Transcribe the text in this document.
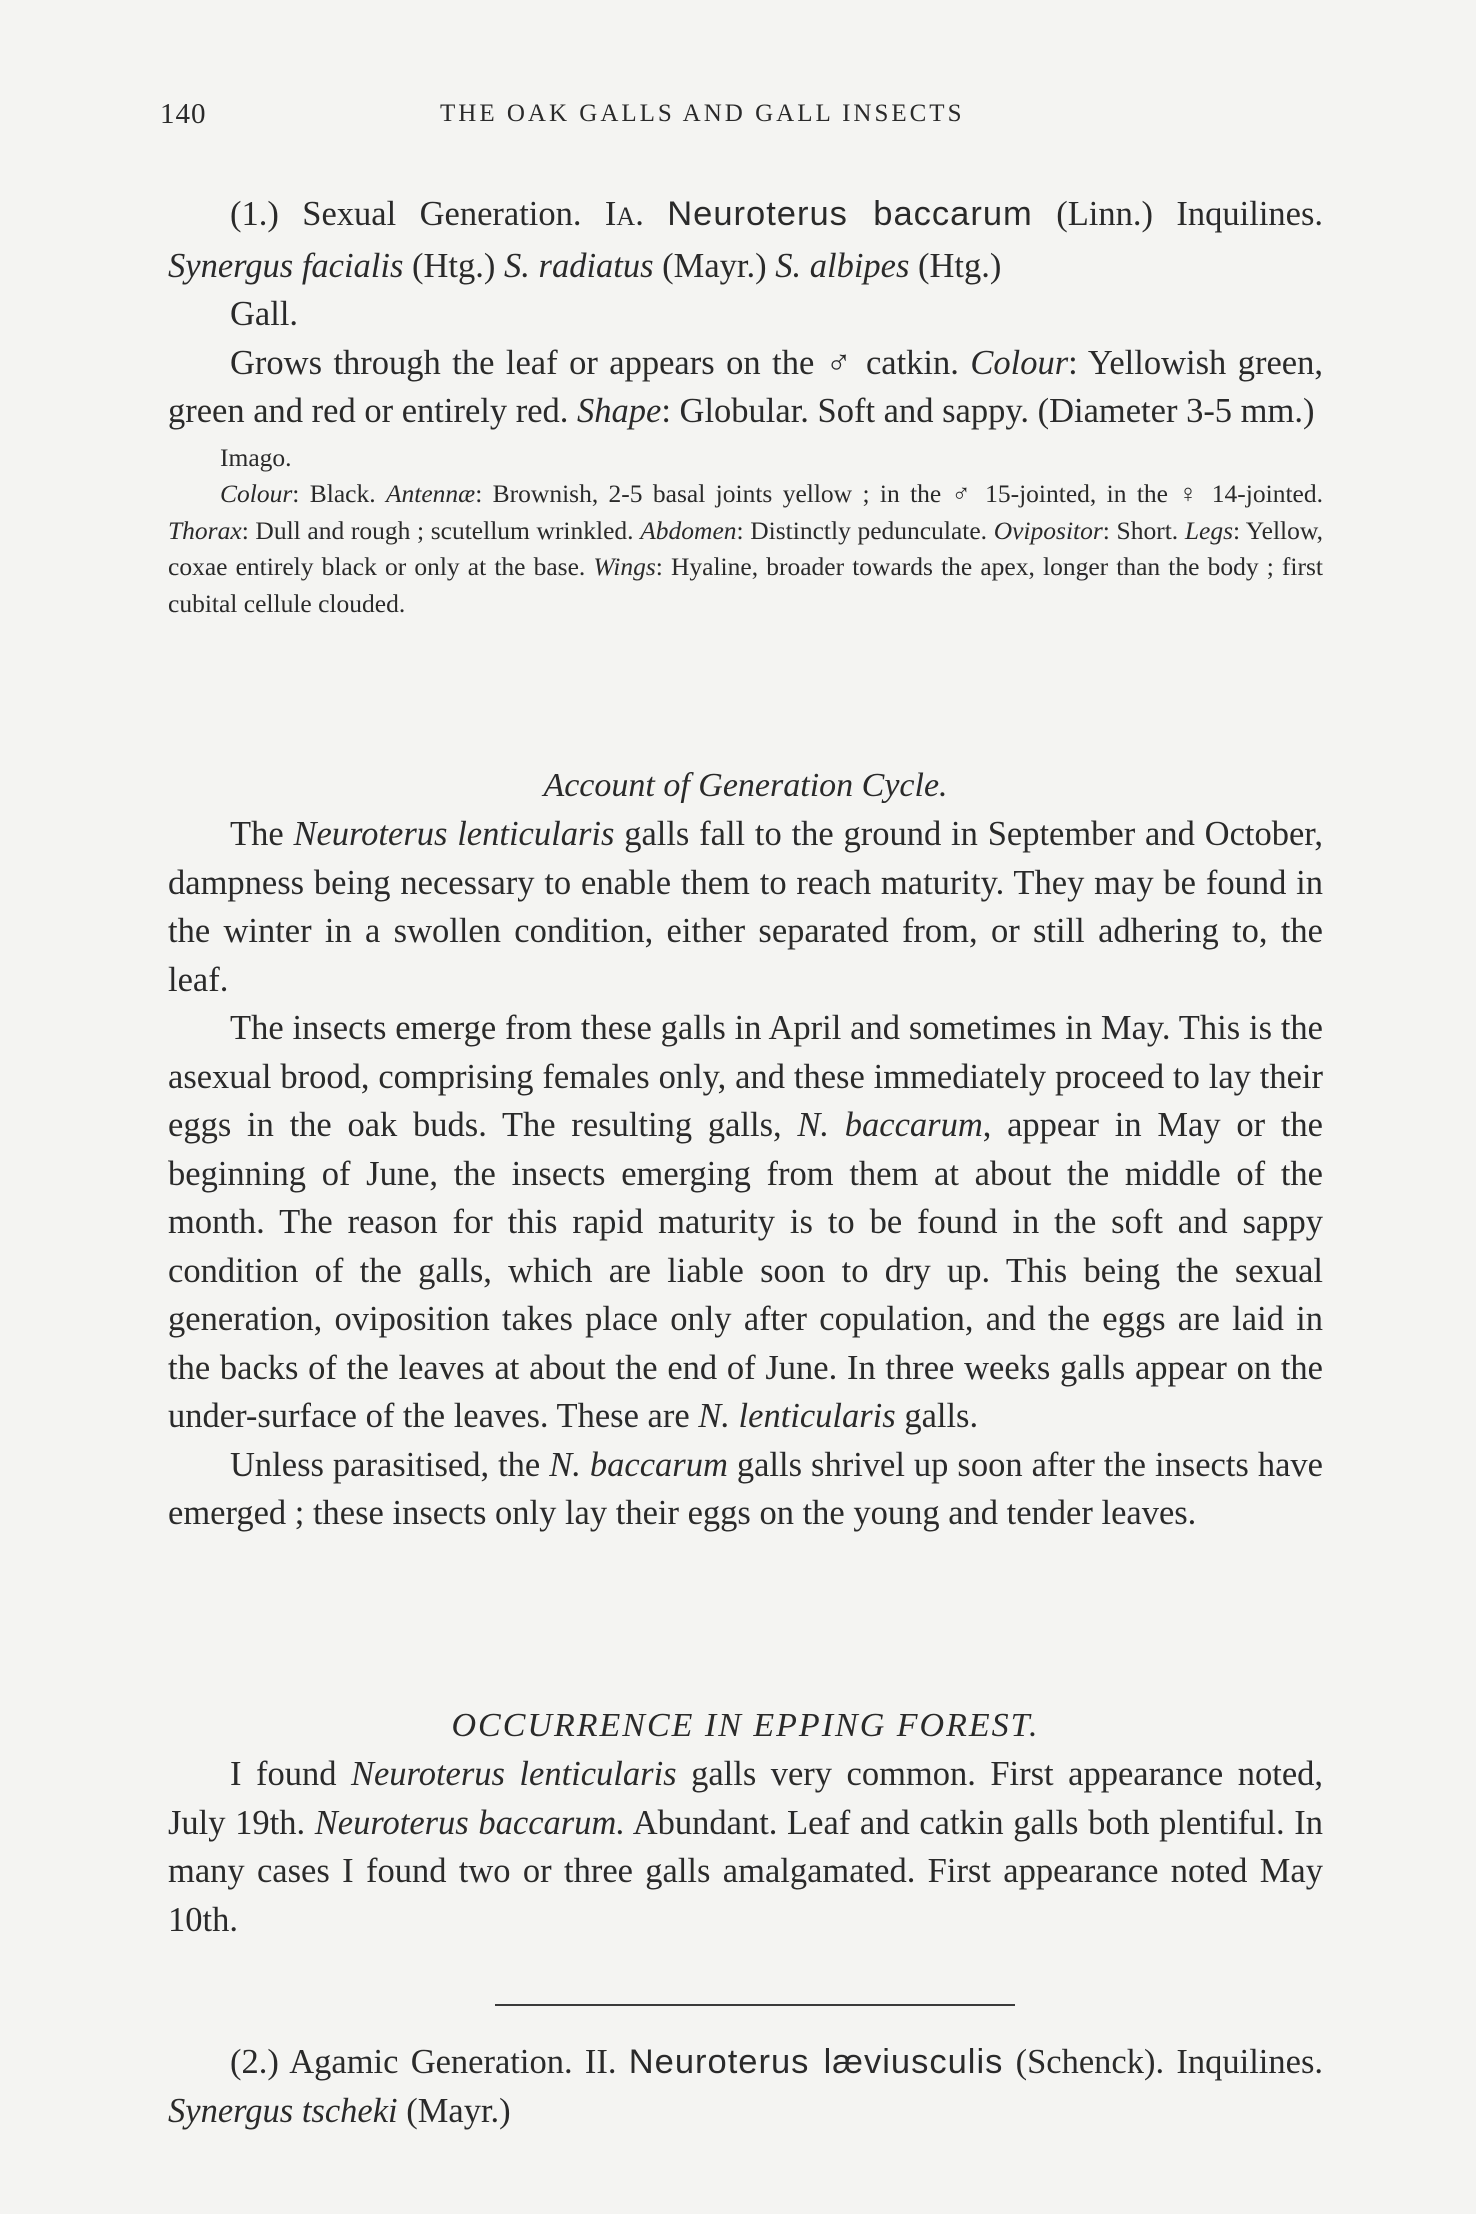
140	THE OAK GALLS AND GALL INSECTS

(1.) Sexual Generation. IA. Neuroterus baccarum (Linn.) Inquilines. Synergus facialis (Htg.) S. radiatus (Mayr.) S. albipes (Htg.)

Gall.

Grows through the leaf or appears on the ♂ catkin. Colour: Yellowish green, green and red or entirely red. Shape: Globular. Soft and sappy. (Diameter 3-5 mm.)

Imago.

Colour: Black. Antennæ: Brownish, 2-5 basal joints yellow ; in the ♂ 15-jointed, in the ♀ 14-jointed. Thorax: Dull and rough ; scutellum wrinkled. Abdomen: Distinctly pedunculate. Ovipositor: Short. Legs: Yellow, coxae entirely black or only at the base. Wings: Hyaline, broader towards the apex, longer than the body ; first cubital cellule clouded.

Account of Generation Cycle.

The Neuroterus lenticularis galls fall to the ground in September and October, dampness being necessary to enable them to reach maturity. They may be found in the winter in a swollen condition, either separated from, or still adhering to, the leaf.

The insects emerge from these galls in April and sometimes in May. This is the asexual brood, comprising females only, and these immediately proceed to lay their eggs in the oak buds. The resulting galls, N. baccarum, appear in May or the beginning of June, the insects emerging from them at about the middle of the month. The reason for this rapid maturity is to be found in the soft and sappy condition of the galls, which are liable soon to dry up. This being the sexual generation, oviposition takes place only after copulation, and the eggs are laid in the backs of the leaves at about the end of June. In three weeks galls appear on the under-surface of the leaves. These are N. lenticularis galls.

Unless parasitised, the N. baccarum galls shrivel up soon after the insects have emerged ; these insects only lay their eggs on the young and tender leaves.

OCCURRENCE IN EPPING FOREST.

I found Neuroterus lenticularis galls very common. First appearance noted, July 19th. Neuroterus baccarum. Abundant. Leaf and catkin galls both plentiful. In many cases I found two or three galls amalgamated. First appearance noted May 10th.

(2.) Agamic Generation. II. Neuroterus læviusculis (Schenck). Inquilines. Synergus tscheki (Mayr.)
